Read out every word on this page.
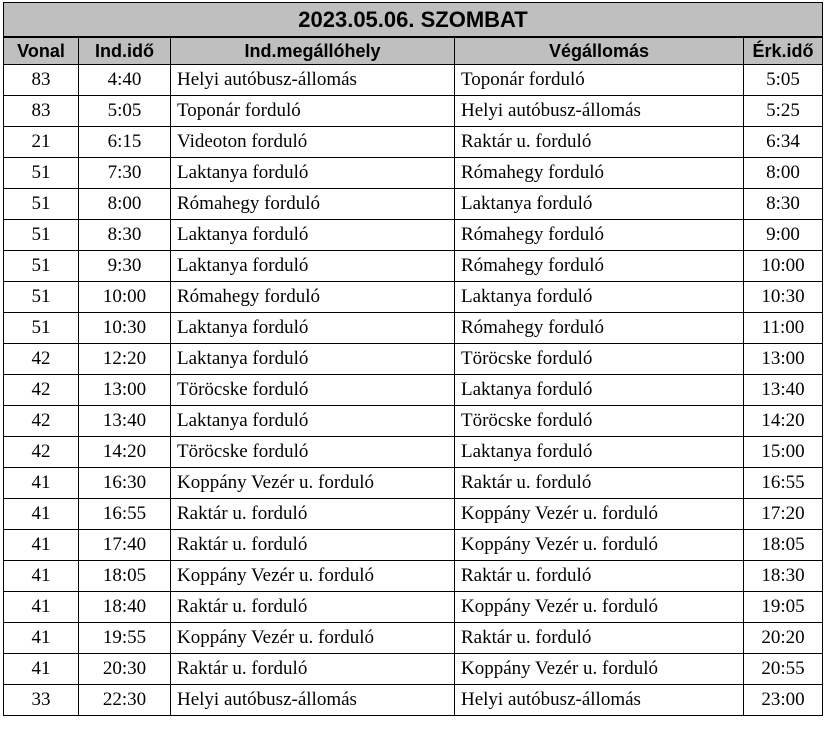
2023.05.06. SZOMBAT				
Vonal	Ind.idő	Ind.megállóhely	Végállomás	Érk.idő
83	4:40	Helyi autóbusz-állomás	Toponár forduló	5:05
83	5:05	Toponár forduló	Helyi autóbusz-állomás	5:25
21	6:15	Videoton forduló	Raktár u. forduló	6:34
51	7:30	Laktanya forduló	Rómahegy forduló	8:00
51	8:00	Rómahegy forduló	Laktanya forduló	8:30
51	8:30	Laktanya forduló	Rómahegy forduló	9:00
51	9:30	Laktanya forduló	Rómahegy forduló	10:00
51	10:00	Rómahegy forduló	Laktanya forduló	10:30
51	10:30	Laktanya forduló	Rómahegy forduló	11:00
42	12:20	Laktanya forduló	Töröcske forduló	13:00
42	13:00	Töröcske forduló	Laktanya forduló	13:40
42	13:40	Laktanya forduló	Töröcske forduló	14:20
42	14:20	Töröcske forduló	Laktanya forduló	15:00
41	16:30	Koppány Vezér u. forduló	Raktár u. forduló	16:55
41	16:55	Raktár u. forduló	Koppány Vezér u. forduló	17:20
41	17:40	Raktár u. forduló	Koppány Vezér u. forduló	18:05
41	18:05	Koppány Vezér u. forduló	Raktár u. forduló	18:30
41	18:40	Raktár u. forduló	Koppány Vezér u. forduló	19:05
41	19:55	Koppány Vezér u. forduló	Raktár u. forduló	20:20
41	20:30	Raktár u. forduló	Koppány Vezér u. forduló	20:55
33	22:30	Helyi autóbusz-állomás	Helyi autóbusz-állomás	23:00
